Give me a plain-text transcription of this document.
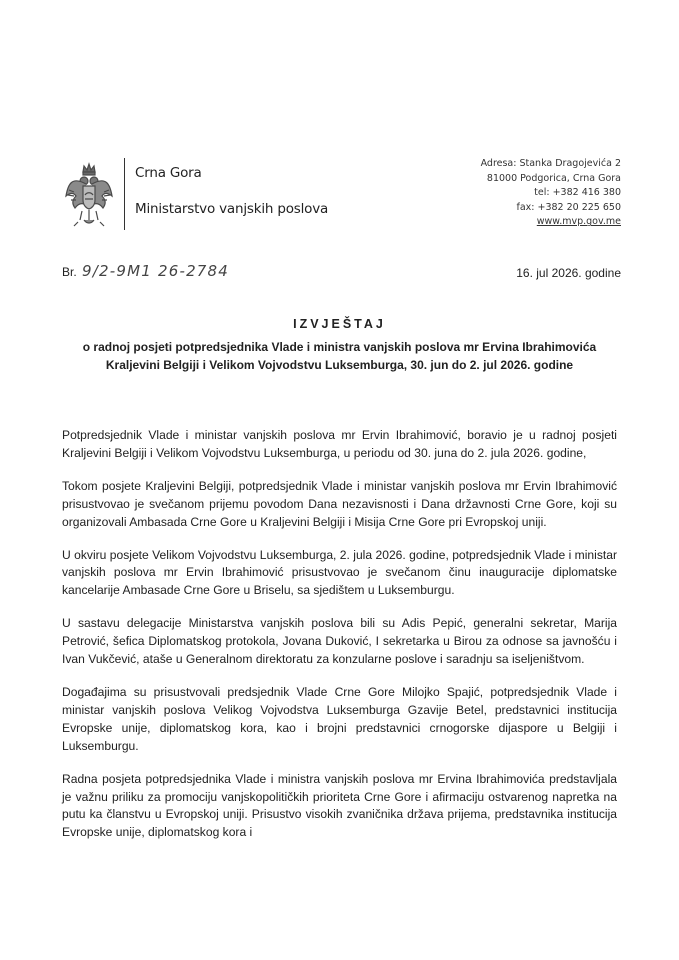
Crna Gora
Ministarstvo vanjskih poslova
Adresa: Stanka Dragojevića 2
81000 Podgorica, Crna Gora
tel: +382 416 380
fax: +382 20 225 650
www.mvp.gov.me
Br. 9/2-9M1 26-2784	16. jul 2026. godine
IZVJEŠTAJ
o radnoj posjeti potpredsjednika Vlade i ministra vanjskih poslova mr Ervina Ibrahimovića Kraljevini Belgiji i Velikom Vojvodstvu Luksemburga, 30. jun do 2. jul 2026. godine

Potpredsjednik Vlade i ministar vanjskih poslova mr Ervin Ibrahimović, boravio je u radnoj posjeti Kraljevini Belgiji i Velikom Vojvodstvu Luksemburga, u periodu od 30. juna do 2. jula 2026. godine,

Tokom posjete Kraljevini Belgiji, potpredsjednik Vlade i ministar vanjskih poslova mr Ervin Ibrahimović prisustvovao je svečanom prijemu povodom Dana nezavisnosti i Dana državnosti Crne Gore, koji su organizovali Ambasada Crne Gore u Kraljevini Belgiji i Misija Crne Gore pri Evropskoj uniji.

U okviru posjete Velikom Vojvodstvu Luksemburga, 2. jula 2026. godine, potpredsjednik Vlade i ministar vanjskih poslova mr Ervin Ibrahimović prisustvovao je svečanom činu inauguracije diplomatske kancelarije Ambasade Crne Gore u Briselu, sa sjedištem u Luksemburgu.

U sastavu delegacije Ministarstva vanjskih poslova bili su Adis Pepić, generalni sekretar, Marija Petrović, šefica Diplomatskog protokola, Jovana Duković, I sekretarka u Birou za odnose sa javnošću i Ivan Vukčević, ataše u Generalnom direktoratu za konzularne poslove i saradnju sa iseljeništvom.

Događajima su prisustvovali predsjednik Vlade Crne Gore Milojko Spajić, potpredsjednik Vlade i ministar vanjskih poslova Velikog Vojvodstva Luksemburga Gzavije Betel, predstavnici institucija Evropske unije, diplomatskog kora, kao i brojni predstavnici crnogorske dijaspore u Belgiji i Luksemburgu.

Radna posjeta potpredsjednika Vlade i ministra vanjskih poslova mr Ervina Ibrahimovića predstavljala je važnu priliku za promociju vanjskopolitičkih prioriteta Crne Gore i afirmaciju ostvarenog napretka na putu ka članstvu u Evropskoj uniji. Prisustvo visokih zvaničnika država prijema, predstavnika institucija Evropske unije, diplomatskog kora i
